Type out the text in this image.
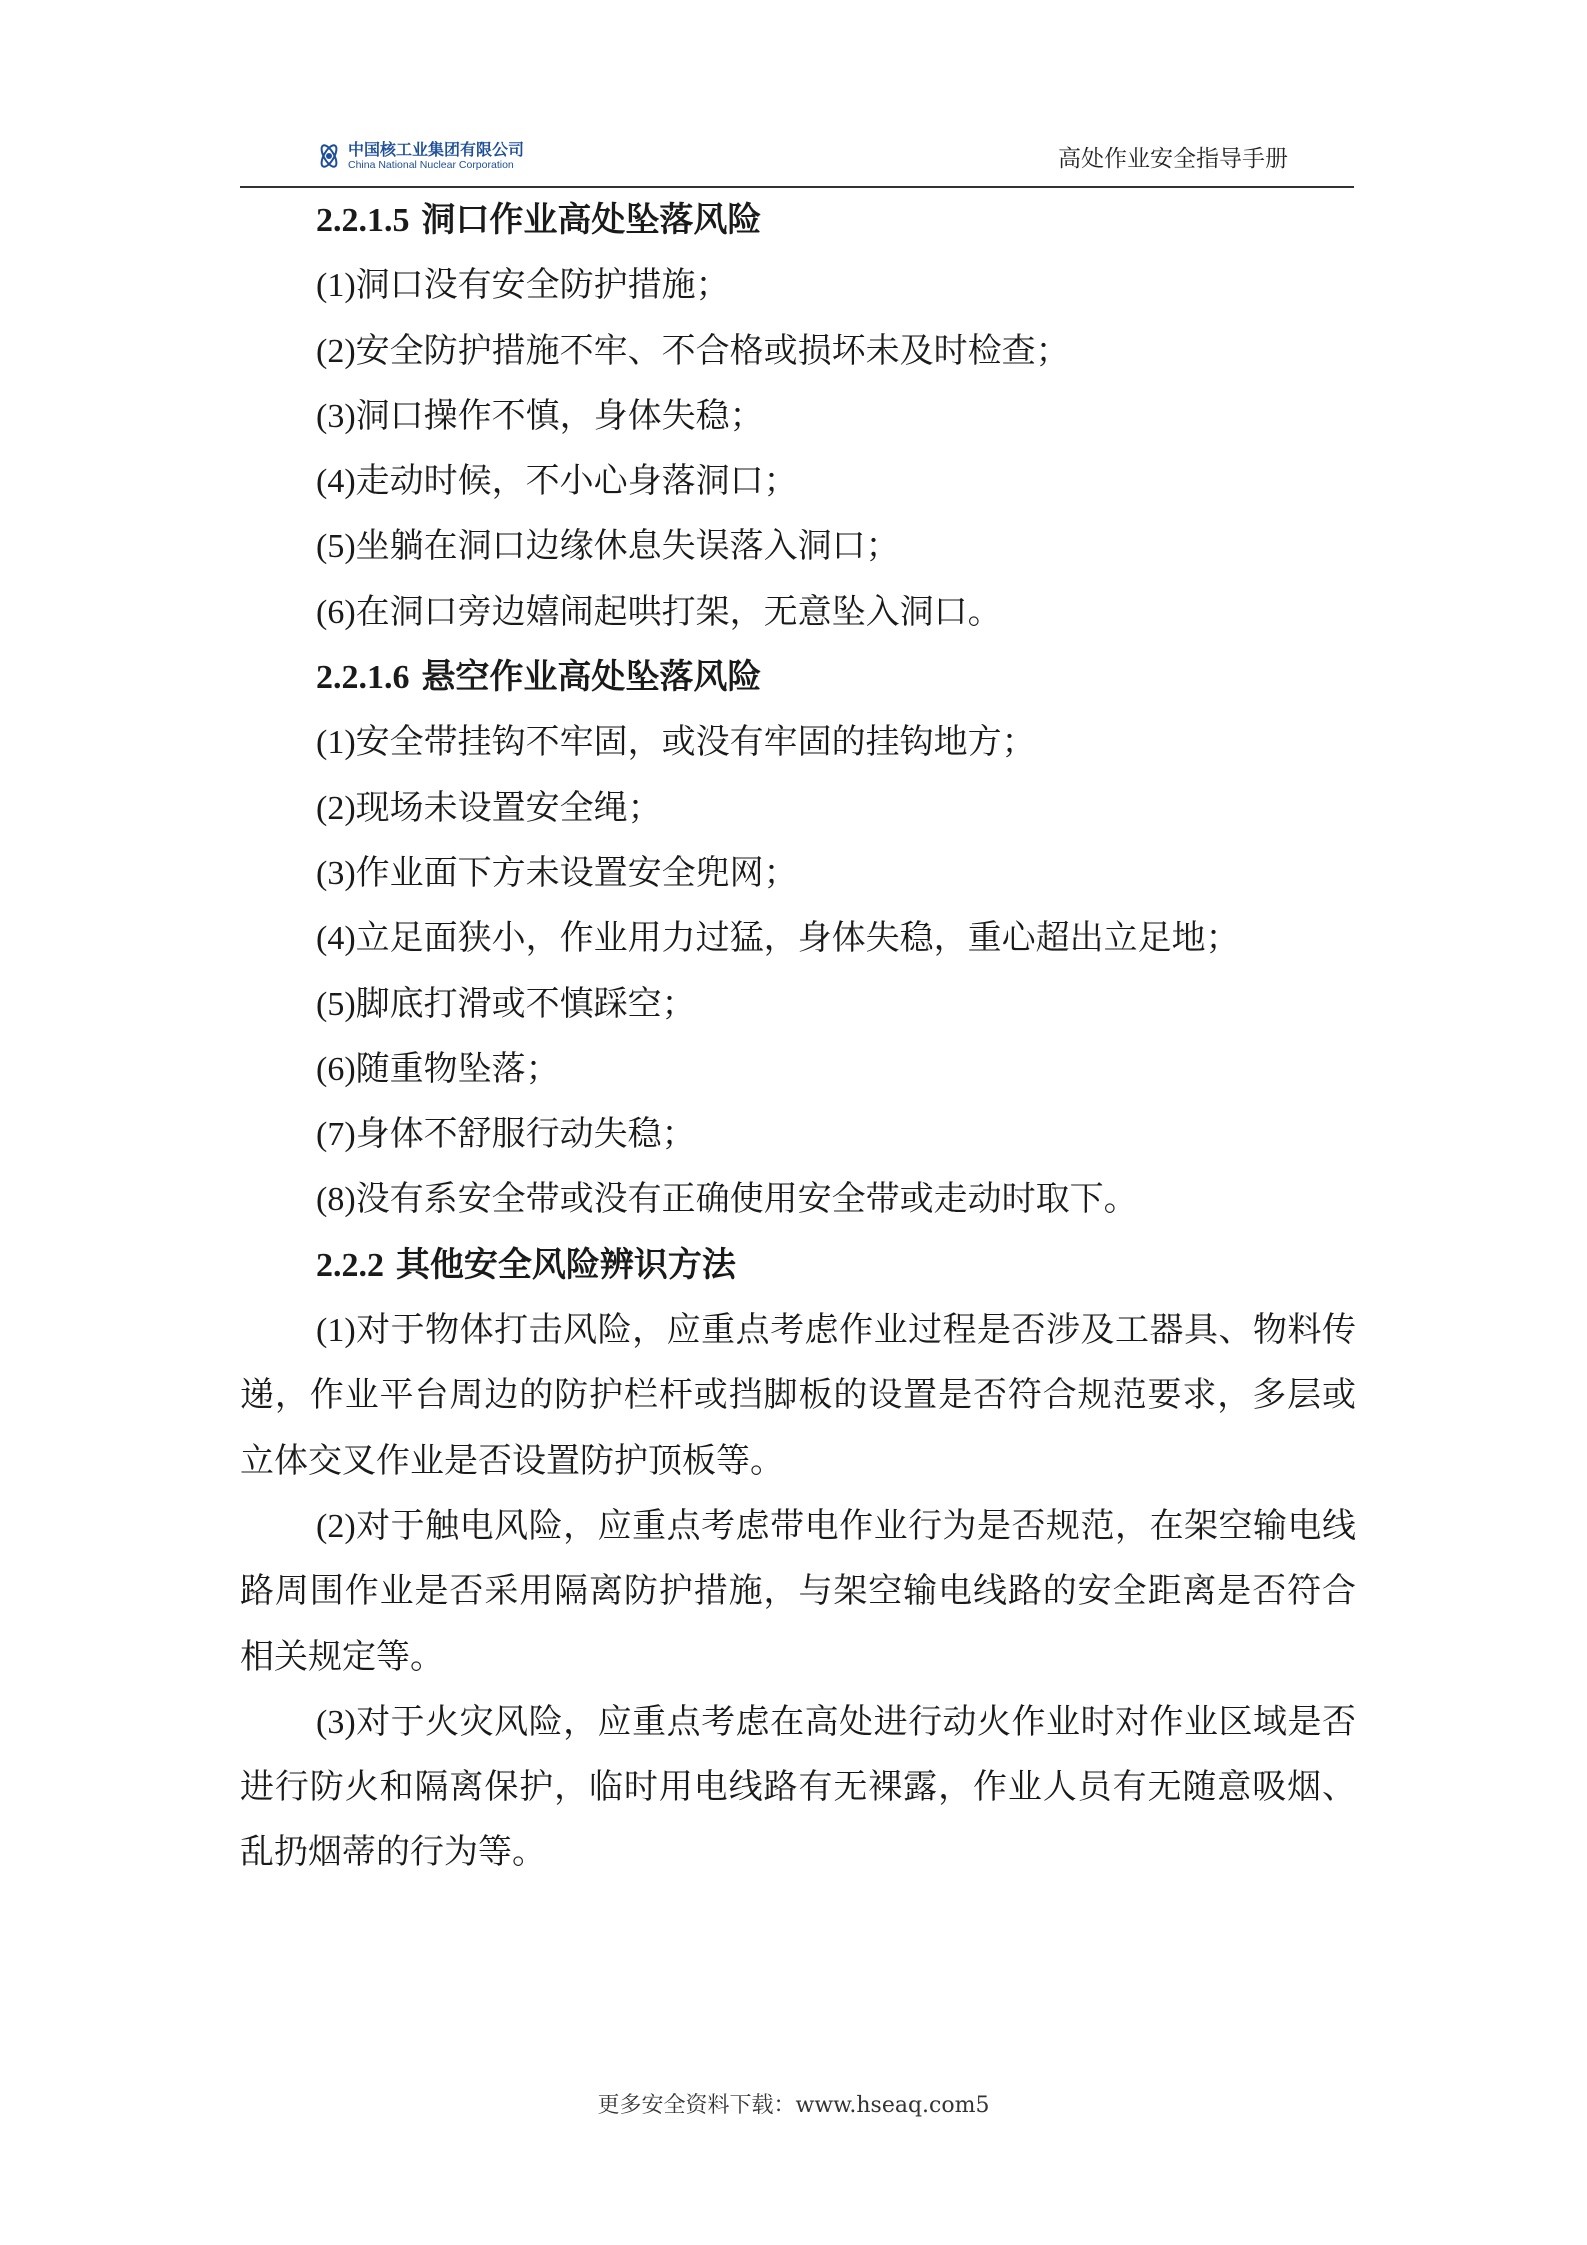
中国核工业集团有限公司
China National Nuclear Corporation	高处作业安全指导手册
2.2.1.5 洞口作业高处坠落风险
(1)洞口没有安全防护措施；
(2)安全防护措施不牢、不合格或损坏未及时检查；
(3)洞口操作不慎，身体失稳；
(4)走动时候，不小心身落洞口；
(5)坐躺在洞口边缘休息失误落入洞口；
(6)在洞口旁边嬉闹起哄打架，无意坠入洞口。
2.2.1.6 悬空作业高处坠落风险
(1)安全带挂钩不牢固，或没有牢固的挂钩地方；
(2)现场未设置安全绳；
(3)作业面下方未设置安全兜网；
(4)立足面狭小，作业用力过猛，身体失稳，重心超出立足地；
(5)脚底打滑或不慎踩空；
(6)随重物坠落；
(7)身体不舒服行动失稳；
(8)没有系安全带或没有正确使用安全带或走动时取下。
2.2.2 其他安全风险辨识方法
(1)对于物体打击风险，应重点考虑作业过程是否涉及工器具、物料传递，作业平台周边的防护栏杆或挡脚板的设置是否符合规范要求，多层或立体交叉作业是否设置防护顶板等。
(2)对于触电风险，应重点考虑带电作业行为是否规范，在架空输电线路周围作业是否采用隔离防护措施，与架空输电线路的安全距离是否符合相关规定等。
(3)对于火灾风险，应重点考虑在高处进行动火作业时对作业区域是否进行防火和隔离保护，临时用电线路有无裸露，作业人员有无随意吸烟、乱扔烟蒂的行为等。
更多安全资料下载：www.hseaq.com5
